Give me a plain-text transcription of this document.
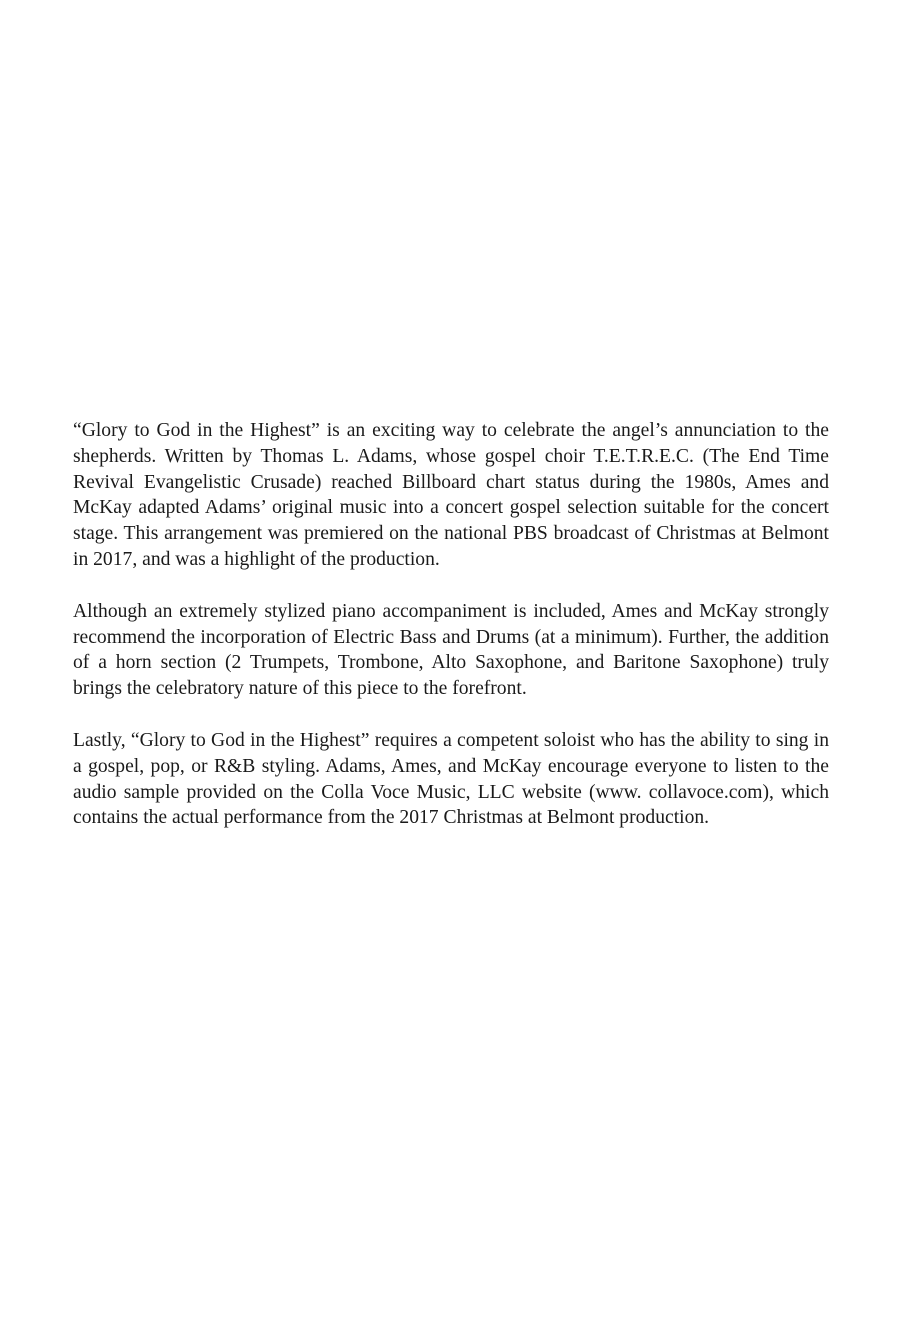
“Glory to God in the Highest” is an exciting way to celebrate the angel’s annunciation to the shepherds. Written by Thomas L. Adams, whose gospel choir T.E.T.R.E.C. (The End Time Revival Evangelistic Crusade) reached Billboard chart status during the 1980s, Ames and McKay adapted Adams’ original music into a concert gospel selection suitable for the concert stage. This arrangement was premiered on the national PBS broadcast of Christmas at Belmont in 2017, and was a highlight of the production.

Although an extremely stylized piano accompaniment is included, Ames and McKay strongly recommend the incorporation of Electric Bass and Drums (at a minimum). Further, the addition of a horn section (2 Trumpets, Trombone, Alto Saxophone, and Baritone Saxophone) truly brings the celebratory nature of this piece to the forefront.

Lastly, “Glory to God in the Highest” requires a competent soloist who has the ability to sing in a gospel, pop, or R&B styling. Adams, Ames, and McKay encourage everyone to listen to the audio sample provided on the Colla Voce Music, LLC website (www. collavoce.com), which contains the actual performance from the 2017 Christmas at Belmont production.
